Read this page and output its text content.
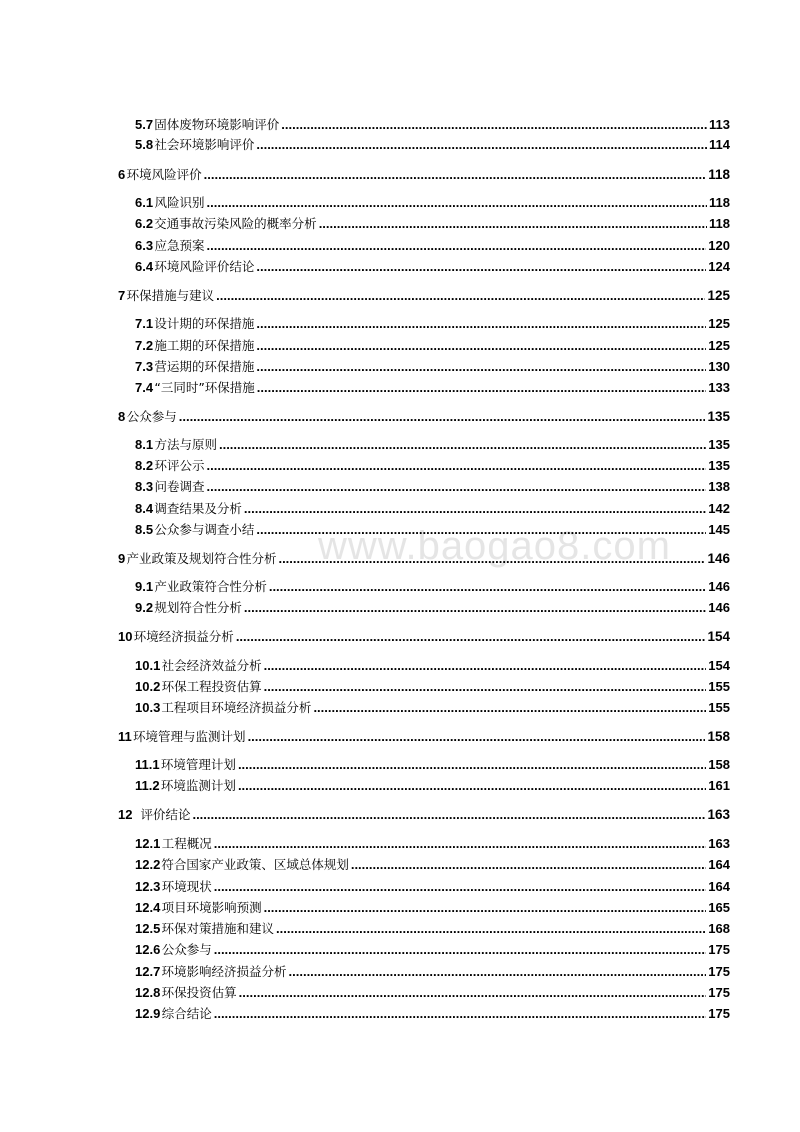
www.baogao8.com
5.7 固体废物环境影响评价 .....	113
5.8 社会环境影响评价 .....	114
6 环境风险评价 .....	118
6.1 风险识别 .....	118
6.2 交通事故污染风险的概率分析 .....	118
6.3 应急预案 .....	120
6.4 环境风险评价结论 .....	124
7 环保措施与建议 .....	125
7.1 设计期的环保措施 .....	125
7.2 施工期的环保措施 .....	125
7.3 营运期的环保措施 .....	130
7.4 “三同时”环保措施 .....	133
8 公众参与 .....	135
8.1 方法与原则 .....	135
8.2 环评公示 .....	135
8.3 问卷调查 .....	138
8.4 调查结果及分析 .....	142
8.5 公众参与调查小结 .....	145
9 产业政策及规划符合性分析 .....	146
9.1 产业政策符合性分析 .....	146
9.2 规划符合性分析 .....	146
10 环境经济损益分析 .....	154
10.1 社会经济效益分析 .....	154
10.2 环保工程投资估算 .....	155
10.3 工程项目环境经济损益分析 .....	155
11 环境管理与监测计划 .....	158
11.1 环境管理计划 .....	158
11.2 环境监测计划 .....	161
12 评价结论 .....	163
12.1 工程概况 .....	163
12.2 符合国家产业政策、区域总体规划 .....	164
12.3 环境现状 .....	164
12.4 项目环境影响预测 .....	165
12.5 环保对策措施和建议 .....	168
12.6 公众参与 .....	175
12.7 环境影响经济损益分析 .....	175
12.8 环保投资估算 .....	175
12.9 综合结论 .....	175
